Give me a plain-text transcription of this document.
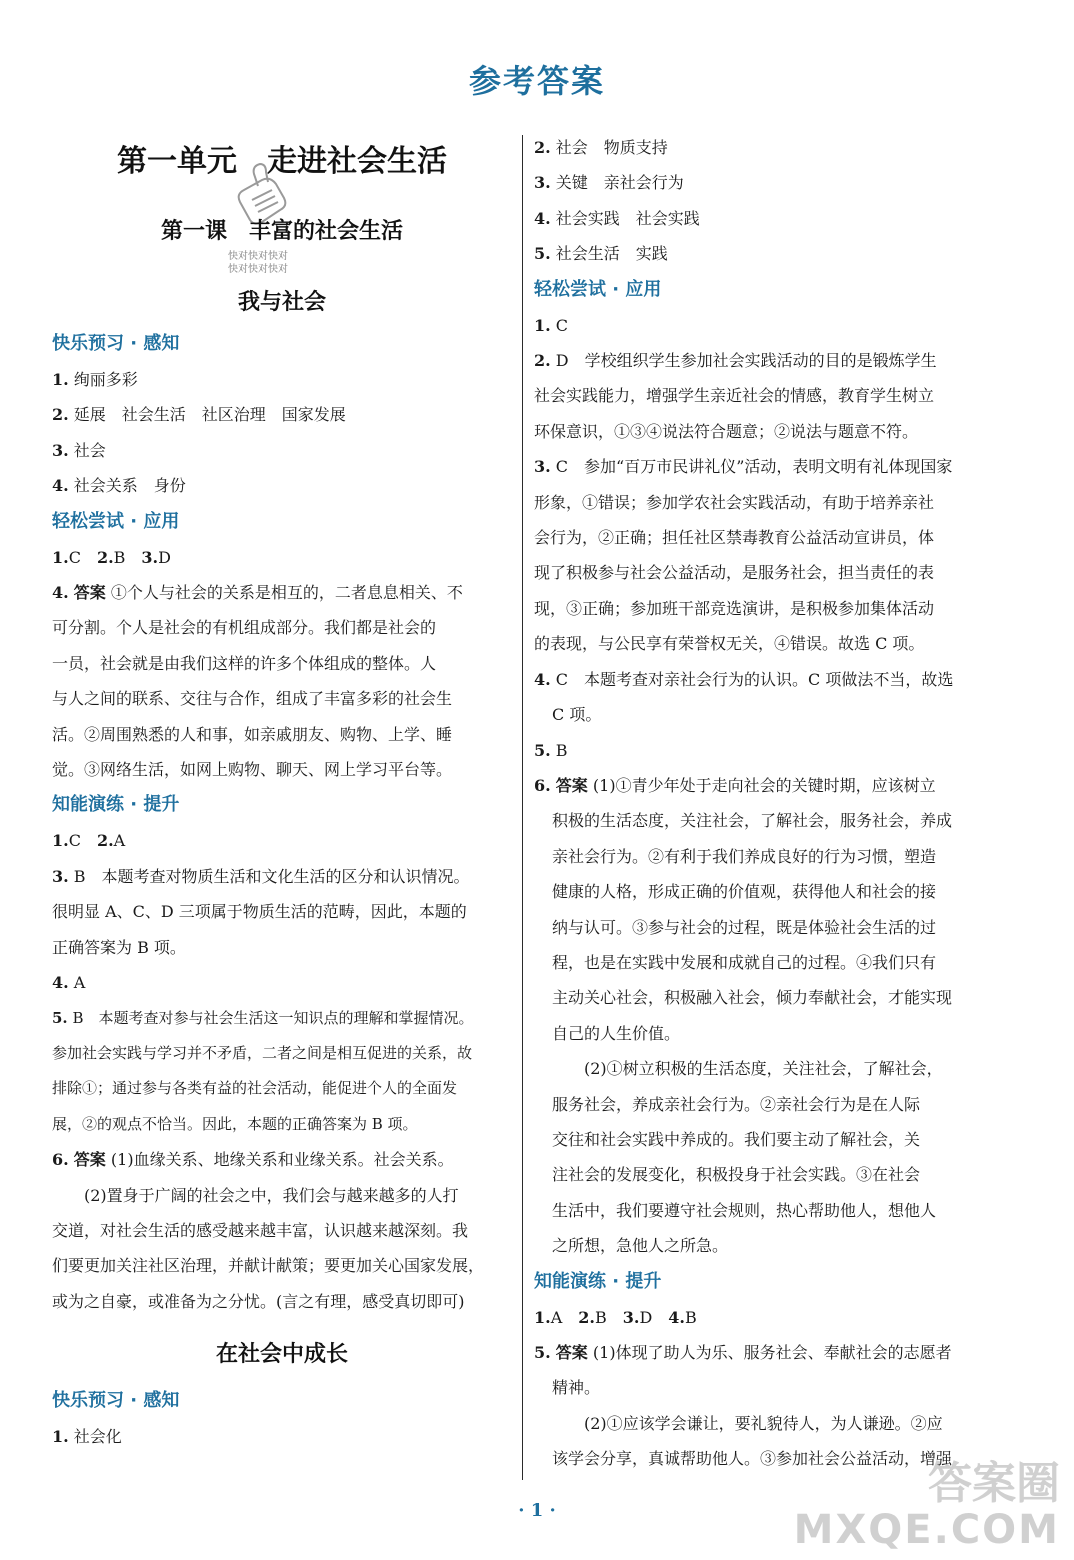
参考答案
第一单元　走进社会生活
第一课　丰富的社会生活
快对快对快对
快对快对快对
我与社会
快乐预习 · 感知
1. 绚丽多彩
2. 延展　社会生活　社区治理　国家发展
3. 社会
4. 社会关系　身份
轻松尝试 · 应用
1.C　2.B　3.D
4. 答案 ①个人与社会的关系是相互的，二者息息相关、不
可分割。个人是社会的有机组成部分。我们都是社会的
一员，社会就是由我们这样的许多个体组成的整体。人
与人之间的联系、交往与合作，组成了丰富多彩的社会生
活。②周围熟悉的人和事，如亲戚朋友、购物、上学、睡
觉。③网络生活，如网上购物、聊天、网上学习平台等。
知能演练 · 提升
1.C　2.A
3. B　本题考查对物质生活和文化生活的区分和认识情况。
很明显 A、C、D 三项属于物质生活的范畴，因此，本题的
正确答案为 B 项。
4. A
5. B　本题考查对参与社会生活这一知识点的理解和掌握情况。
参加社会实践与学习并不矛盾，二者之间是相互促进的关系，故
排除①；通过参与各类有益的社会活动，能促进个人的全面发
展，②的观点不恰当。因此，本题的正确答案为 B 项。
6. 答案 (1)血缘关系、地缘关系和业缘关系。社会关系。
(2)置身于广阔的社会之中，我们会与越来越多的人打
交道，对社会生活的感受越来越丰富，认识越来越深刻。我
们要更加关注社区治理，并献计献策；要更加关心国家发展，
或为之自豪，或准备为之分忧。(言之有理，感受真切即可)
在社会中成长
快乐预习 · 感知
1. 社会化
2. 社会　物质支持
3. 关键　亲社会行为
4. 社会实践　社会实践
5. 社会生活　实践
轻松尝试 · 应用
1. C
2. D　学校组织学生参加社会实践活动的目的是锻炼学生
社会实践能力，增强学生亲近社会的情感，教育学生树立
环保意识，①③④说法符合题意；②说法与题意不符。
3. C　参加“百万市民讲礼仪”活动，表明文明有礼体现国家
形象，①错误；参加学农社会实践活动，有助于培养亲社
会行为，②正确；担任社区禁毒教育公益活动宣讲员，体
现了积极参与社会公益活动，是服务社会，担当责任的表
现，③正确；参加班干部竞选演讲，是积极参加集体活动
的表现，与公民享有荣誉权无关，④错误。故选 C 项。
4. C　本题考查对亲社会行为的认识。C 项做法不当，故选
C 项。
5. B
6. 答案 (1)①青少年处于走向社会的关键时期，应该树立
积极的生活态度，关注社会，了解社会，服务社会，养成
亲社会行为。②有利于我们养成良好的行为习惯，塑造
健康的人格，形成正确的价值观，获得他人和社会的接
纳与认可。③参与社会的过程，既是体验社会生活的过
程，也是在实践中发展和成就自己的过程。④我们只有
主动关心社会，积极融入社会，倾力奉献社会，才能实现
自己的人生价值。
(2)①树立积极的生活态度，关注社会，了解社会，
服务社会，养成亲社会行为。②亲社会行为是在人际
交往和社会实践中养成的。我们要主动了解社会，关
注社会的发展变化，积极投身于社会实践。③在社会
生活中，我们要遵守社会规则，热心帮助他人，想他人
之所想，急他人之所急。
知能演练 · 提升
1.A　2.B　3.D　4.B
5. 答案 (1)体现了助人为乐、服务社会、奉献社会的志愿者
精神。
(2)①应该学会谦让，要礼貌待人，为人谦逊。②应
该学会分享，真诚帮助他人。③参加社会公益活动，增强
· 1 ·
答案圈
MXQE.COM
